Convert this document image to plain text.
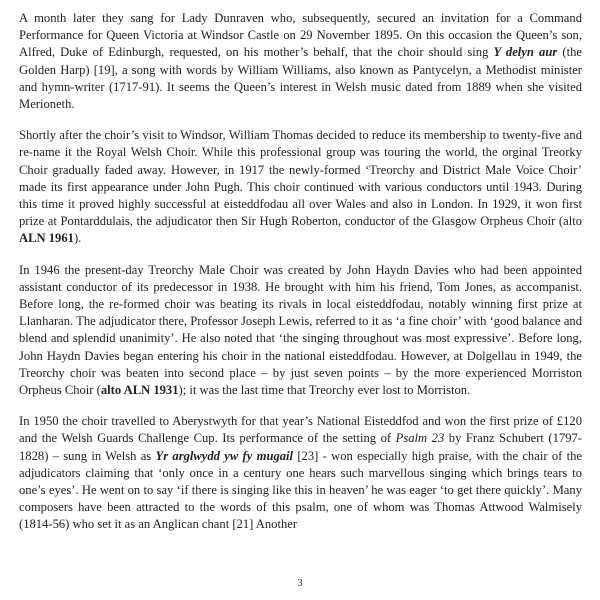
A month later they sang for Lady Dunraven who, subsequently, secured an invitation for a Command Performance for Queen Victoria at Windsor Castle on 29 November 1895. On this occasion the Queen’s son, Alfred, Duke of Edinburgh, requested, on his mother’s behalf, that the choir should sing Y delyn aur (the Golden Harp) [19], a song with words by William Williams, also known as Pantycelyn, a Methodist minister and hymn-writer (1717-91). It seems the Queen’s interest in Welsh music dated from 1889 when she visited Merioneth.

Shortly after the choir’s visit to Windsor, William Thomas decided to reduce its membership to twenty-five and re-name it the Royal Welsh Choir. While this professional group was touring the world, the orginal Treorky Choir gradually faded away. However, in 1917 the newly-formed ‘Treorchy and District Male Voice Choir’ made its first appearance under John Pugh. This choir continued with various conductors until 1943. During this time it proved highly successful at eisteddfodau all over Wales and also in London. In 1929, it won first prize at Pontarddulais, the adjudicator then Sir Hugh Roberton, conductor of the Glasgow Orpheus Choir (alto ALN 1961).

In 1946 the present-day Treorchy Male Choir was created by John Haydn Davies who had been appointed assistant conductor of its predecessor in 1938. He brought with him his friend, Tom Jones, as accompanist. Before long, the re-formed choir was beating its rivals in local eisteddfodau, notably winning first prize at Llanharan. The adjudicator there, Professor Joseph Lewis, referred to it as ‘a fine choir’ with ‘good balance and blend and splendid unanimity’. He also noted that ‘the singing throughout was most expressive’. Before long, John Haydn Davies began entering his choir in the national eisteddfodau. However, at Dolgellau in 1949, the Treorchy choir was beaten into second place – by just seven points – by the more experienced Morriston Orpheus Choir (alto ALN 1931); it was the last time that Treorchy ever lost to Morriston.

In 1950 the choir travelled to Aberystwyth for that year’s National Eisteddfod and won the first prize of £120 and the Welsh Guards Challenge Cup. Its performance of the setting of Psalm 23 by Franz Schubert (1797-1828) – sung in Welsh as Yr arglwydd yw fy mugail [23] - won especially high praise, with the chair of the adjudicators claiming that ‘only once in a century one hears such marvellous singing which brings tears to one’s eyes’. He went on to say ‘if there is singing like this in heaven’ he was eager ‘to get there quickly’. Many composers have been attracted to the words of this psalm, one of whom was Thomas Attwood Walmisely (1814-56) who set it as an Anglican chant [21] Another

3
